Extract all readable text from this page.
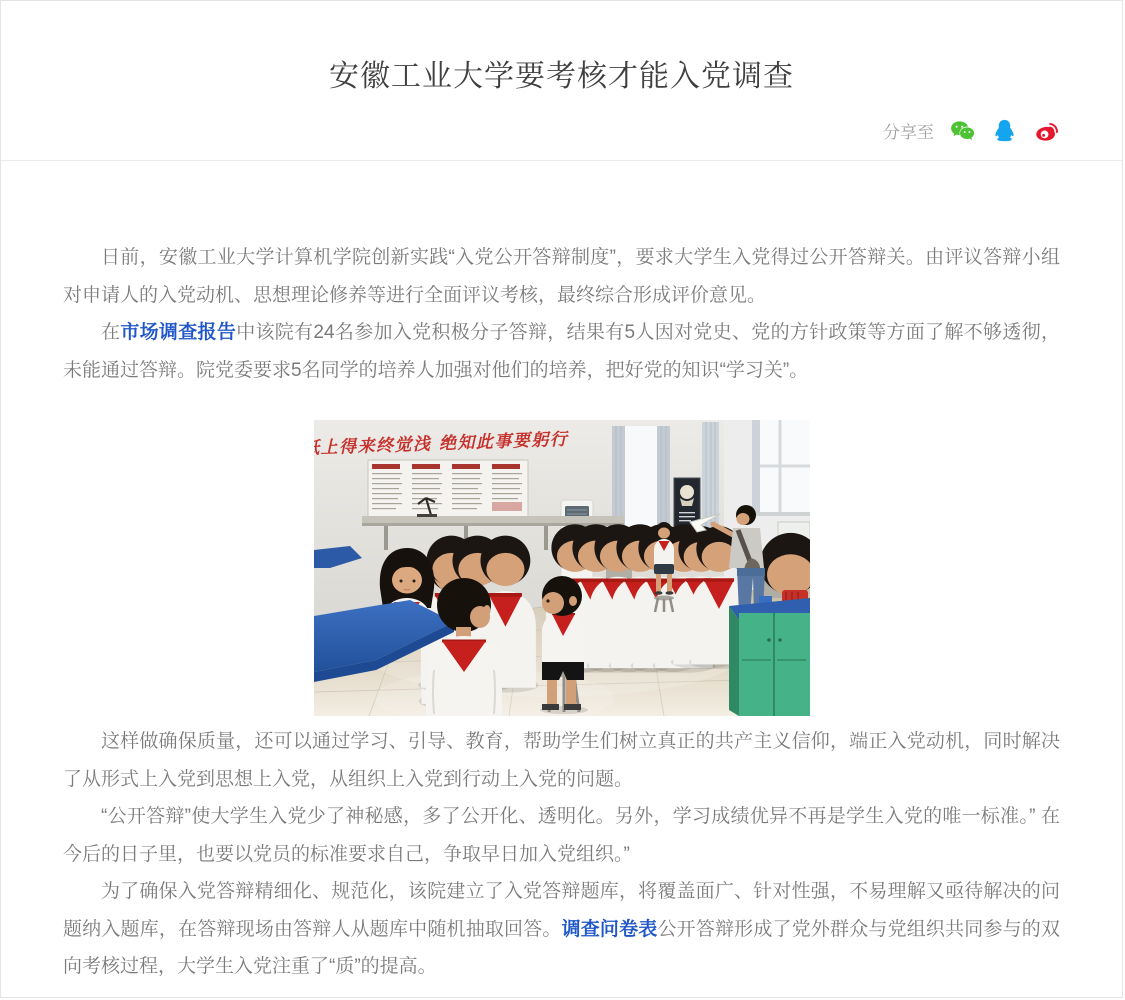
安徽工业大学要考核才能入党调查
分享至

日前，安徽工业大学计算机学院创新实践“入党公开答辩制度”，要求大学生入党得过公开答辩关。由评议答辩小组对申请人的入党动机、思想理论修养等进行全面评议考核，最终综合形成评价意见。

在市场调查报告中该院有24名参加入党积极分子答辩，结果有5人因对党史、党的方针政策等方面了解不够透彻，未能通过答辩。院党委要求5名同学的培养人加强对他们的培养，把好党的知识“学习关”。

纸上得来终觉浅 绝知此事要躬行

这样做确保质量，还可以通过学习、引导、教育，帮助学生们树立真正的共产主义信仰，端正入党动机，同时解决了从形式上入党到思想上入党，从组织上入党到行动上入党的问题。

“公开答辩”使大学生入党少了神秘感，多了公开化、透明化。另外，学习成绩优异不再是学生入党的唯一标准。” 在今后的日子里，也要以党员的标准要求自己，争取早日加入党组织。”

为了确保入党答辩精细化、规范化，该院建立了入党答辩题库，将覆盖面广、针对性强，不易理解又亟待解决的问题纳入题库，在答辩现场由答辩人从题库中随机抽取回答。调查问卷表公开答辩形成了党外群众与党组织共同参与的双向考核过程，大学生入党注重了“质”的提高。
